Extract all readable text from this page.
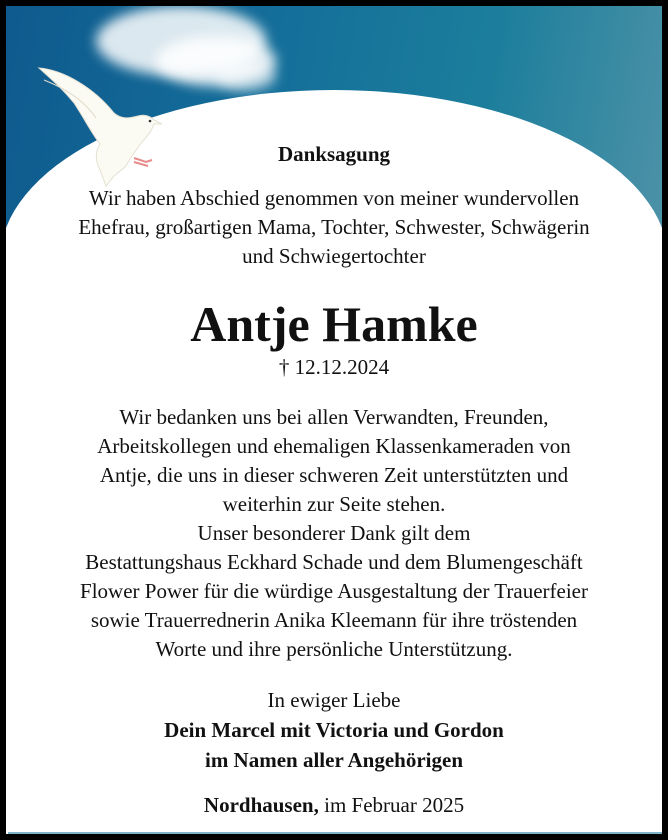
Danksagung
Wir haben Abschied genommen von meiner wundervollen
Ehefrau, großartigen Mama, Tochter, Schwester, Schwägerin
und Schwiegertochter
Antje Hamke
† 12.12.2024
Wir bedanken uns bei allen Verwandten, Freunden,
Arbeitskollegen und ehemaligen Klassenkameraden von
Antje, die uns in dieser schweren Zeit unterstützten und
weiterhin zur Seite stehen.
Unser besonderer Dank gilt dem
Bestattungshaus Eckhard Schade und dem Blumengeschäft
Flower Power für die würdige Ausgestaltung der Trauerfeier
sowie Trauerrednerin Anika Kleemann für ihre tröstenden
Worte und ihre persönliche Unterstützung.
In ewiger Liebe
Dein Marcel mit Victoria und Gordon
im Namen aller Angehörigen
Nordhausen, im Februar 2025
